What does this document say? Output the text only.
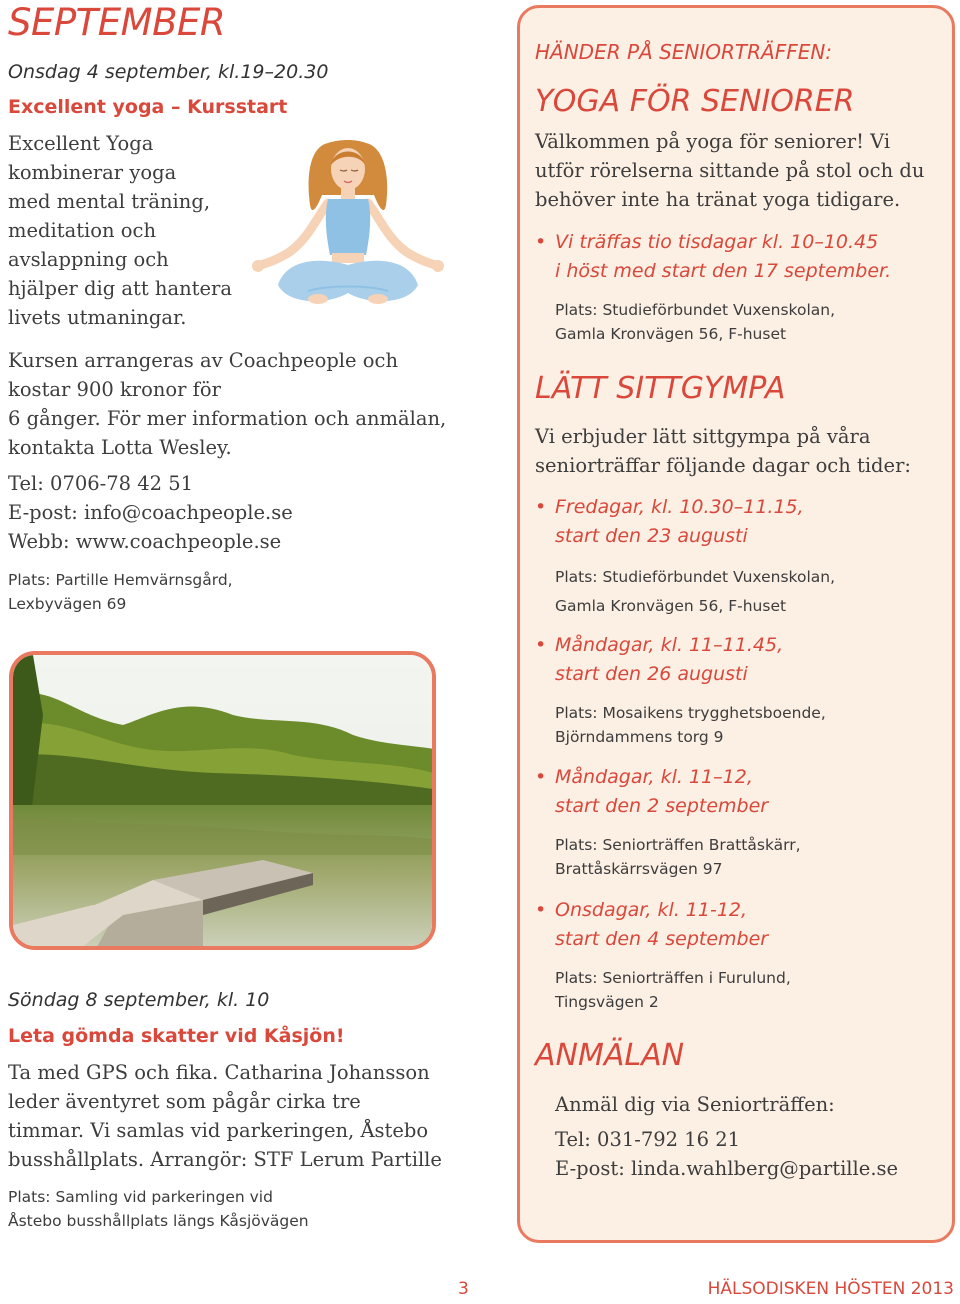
SEPTEMBER
Onsdag 4 september, kl.19–20.30
Excellent yoga – Kursstart
Excellent Yoga
kombinerar yoga
med mental träning,
meditation och
avslappning och
hjälper dig att hantera
livets utmaningar.
Kursen arrangeras av Coachpeople och
kostar 900 kronor för
6 gånger. För mer information och anmälan,
kontakta Lotta Wesley.
Tel: 0706-78 42 51
E-post: info@coachpeople.se
Webb: www.coachpeople.se
Plats: Partille Hemvärnsgård,
Lexbyvägen 69
Söndag 8 september, kl. 10
Leta gömda skatter vid Kåsjön!
Ta med GPS och fika. Catharina Johansson
leder äventyret som pågår cirka tre
timmar. Vi samlas vid parkeringen, Åstebo
busshållplats. Arrangör: STF Lerum Partille
Plats: Samling vid parkeringen vid
Åstebo busshållplats längs Kåsjövägen
HÄNDER PÅ SENIORTRÄFFEN:
YOGA FÖR SENIORER
Välkommen på yoga för seniorer! Vi
utför rörelserna sittande på stol och du
behöver inte ha tränat yoga tidigare.
• Vi träffas tio tisdagar kl. 10–10.45
i höst med start den 17 september.
Plats: Studieförbundet Vuxenskolan,
Gamla Kronvägen 56, F-huset
LÄTT SITTGYMPA
Vi erbjuder lätt sittgympa på våra
seniorträffar följande dagar och tider:
• Fredagar, kl. 10.30–11.15,
start den 23 augusti
Plats: Studieförbundet Vuxenskolan,
Gamla Kronvägen 56, F-huset
• Måndagar, kl. 11–11.45,
start den 26 augusti
Plats: Mosaikens trygghetsboende,
Björndammens torg 9
• Måndagar, kl. 11–12,
start den 2 september
Plats: Seniorträffen Brattåskärr,
Brattåskärrsvägen 97
• Onsdagar, kl. 11-12,
start den 4 september
Plats: Seniorträffen i Furulund,
Tingsvägen 2
ANMÄLAN
Anmäl dig via Seniorträffen:
Tel: 031-792 16 21
E-post: linda.wahlberg@partille.se
3	HÄLSODISKEN HÖSTEN 2013
